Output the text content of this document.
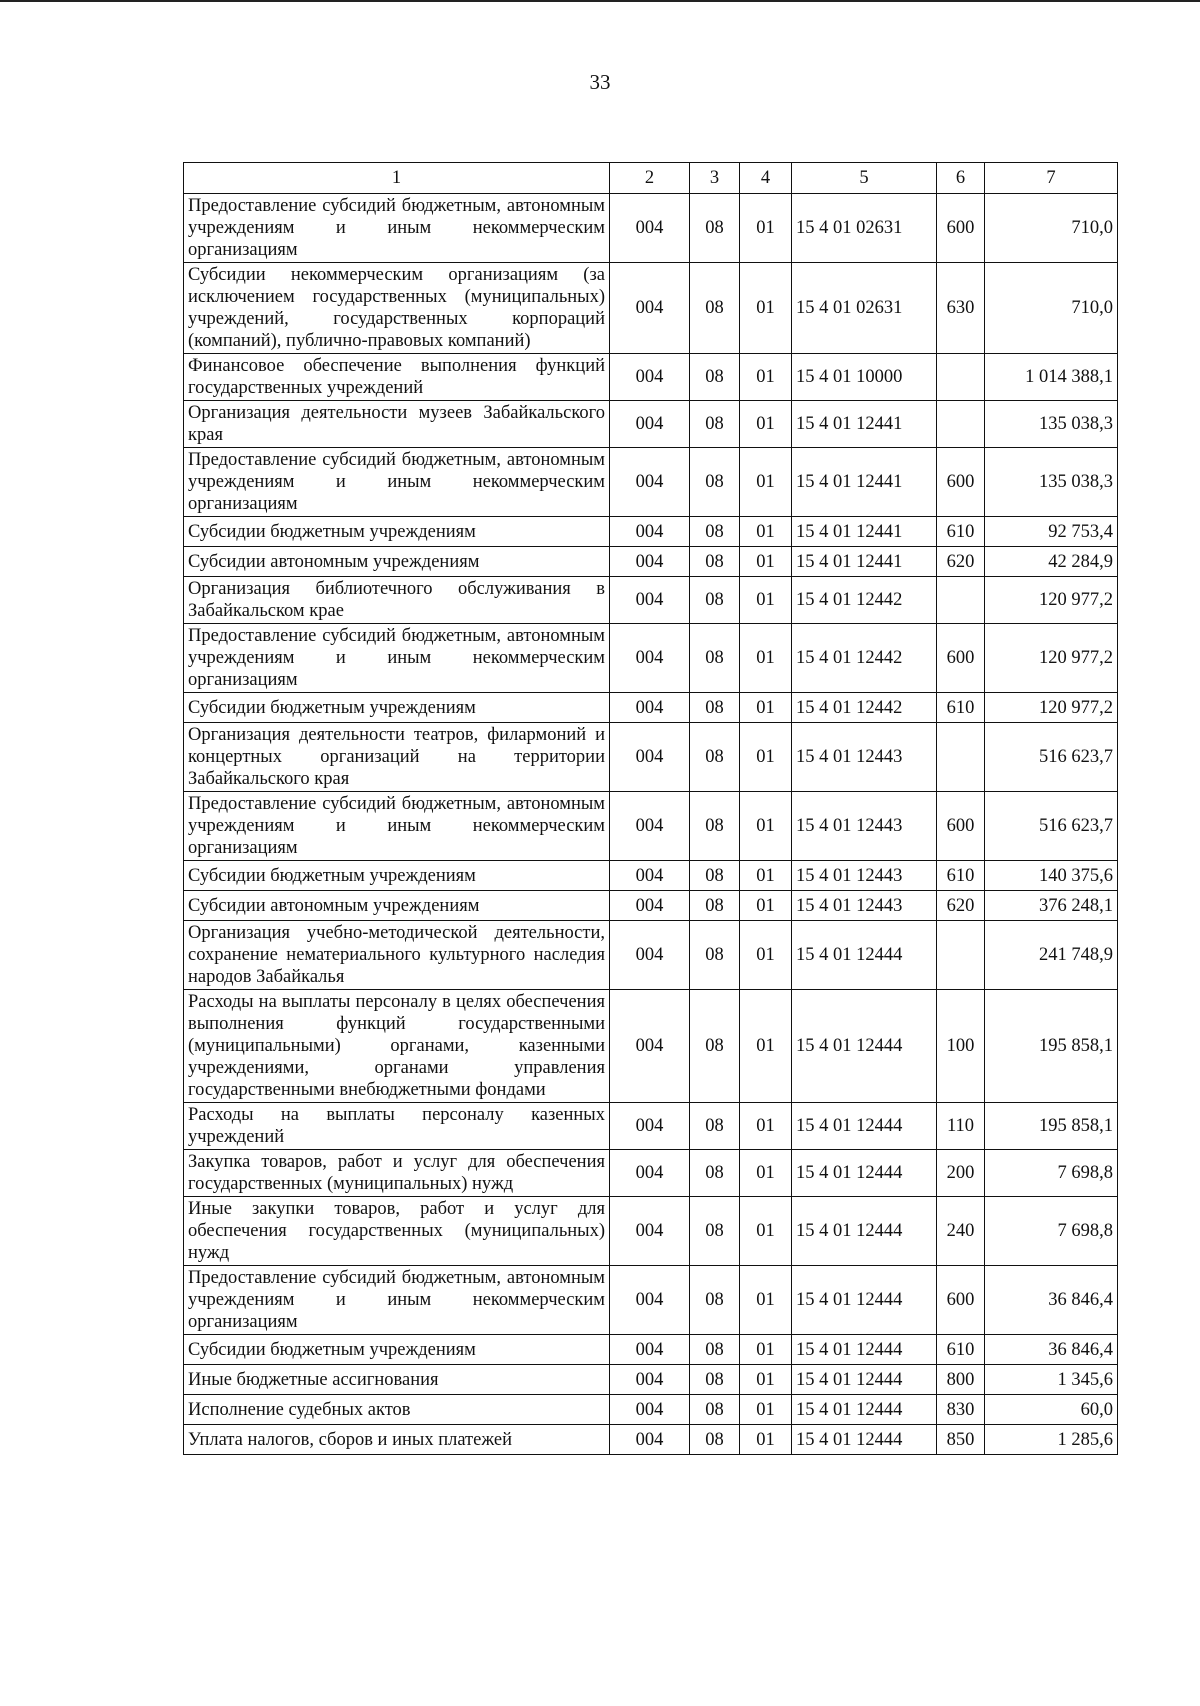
33
1	2	3	4	5	6	7
Предоставление субсидий бюджетным, автономным учреждениям и иным некоммерческим организациям	004	08	01	15 4 01 02631	600	710,0
Субсидии некоммерческим организациям (за исключением государственных (муниципальных) учреждений, государственных корпораций (компаний), публично-правовых компаний)	004	08	01	15 4 01 02631	630	710,0
Финансовое обеспечение выполнения функций государственных учреждений	004	08	01	15 4 01 10000		1 014 388,1
Организация деятельности музеев Забайкальского края	004	08	01	15 4 01 12441		135 038,3
Предоставление субсидий бюджетным, автономным учреждениям и иным некоммерческим организациям	004	08	01	15 4 01 12441	600	135 038,3
Субсидии бюджетным учреждениям	004	08	01	15 4 01 12441	610	92 753,4
Субсидии автономным учреждениям	004	08	01	15 4 01 12441	620	42 284,9
Организация библиотечного обслуживания в Забайкальском крае	004	08	01	15 4 01 12442		120 977,2
Предоставление субсидий бюджетным, автономным учреждениям и иным некоммерческим организациям	004	08	01	15 4 01 12442	600	120 977,2
Субсидии бюджетным учреждениям	004	08	01	15 4 01 12442	610	120 977,2
Организация деятельности театров, филармоний и концертных организаций на территории Забайкальского края	004	08	01	15 4 01 12443		516 623,7
Предоставление субсидий бюджетным, автономным учреждениям и иным некоммерческим организациям	004	08	01	15 4 01 12443	600	516 623,7
Субсидии бюджетным учреждениям	004	08	01	15 4 01 12443	610	140 375,6
Субсидии автономным учреждениям	004	08	01	15 4 01 12443	620	376 248,1
Организация учебно-методической деятельности, сохранение нематериального культурного наследия народов Забайкалья	004	08	01	15 4 01 12444		241 748,9
Расходы на выплаты персоналу в целях обеспечения выполнения функций государственными (муниципальными) органами, казенными учреждениями, органами управления государственными внебюджетными фондами	004	08	01	15 4 01 12444	100	195 858,1
Расходы на выплаты персоналу казенных учреждений	004	08	01	15 4 01 12444	110	195 858,1
Закупка товаров, работ и услуг для обеспечения государственных (муниципальных) нужд	004	08	01	15 4 01 12444	200	7 698,8
Иные закупки товаров, работ и услуг для обеспечения государственных (муниципальных) нужд	004	08	01	15 4 01 12444	240	7 698,8
Предоставление субсидий бюджетным, автономным учреждениям и иным некоммерческим организациям	004	08	01	15 4 01 12444	600	36 846,4
Субсидии бюджетным учреждениям	004	08	01	15 4 01 12444	610	36 846,4
Иные бюджетные ассигнования	004	08	01	15 4 01 12444	800	1 345,6
Исполнение судебных актов	004	08	01	15 4 01 12444	830	60,0
Уплата налогов, сборов и иных платежей	004	08	01	15 4 01 12444	850	1 285,6
